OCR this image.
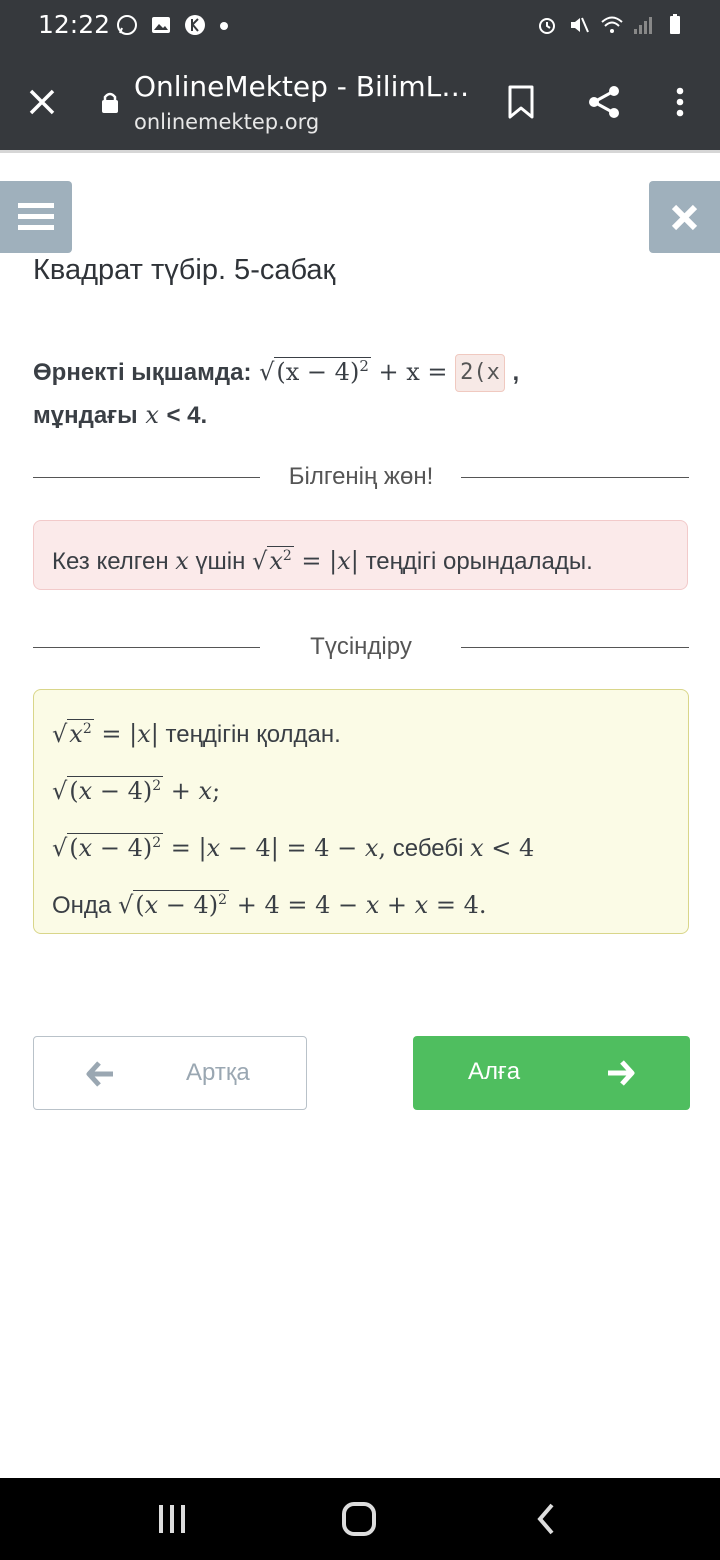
12:22
OnlineMektep - BilimL…
onlinemektep.org
Квадрат түбір. 5-сабақ
Өрнекті ықшамда: $√(x - 4)^2 + x = 2(x$ ,
мұндағы x < 4.
Білгенің жөн!
Кез келген x үшін $√x^2 = |x|$ теңдігі орындалады.
Түсіндіру
$√x^2 = |x|$ теңдігін қолдан.
$√(x - 4)^2 + x$;
$√(x - 4)^2 = |x - 4| = 4 - x$, себебі x < 4
Онда $√(x - 4)^2 + 4 = 4 - x + x = 4$.
Артқа	Алға
